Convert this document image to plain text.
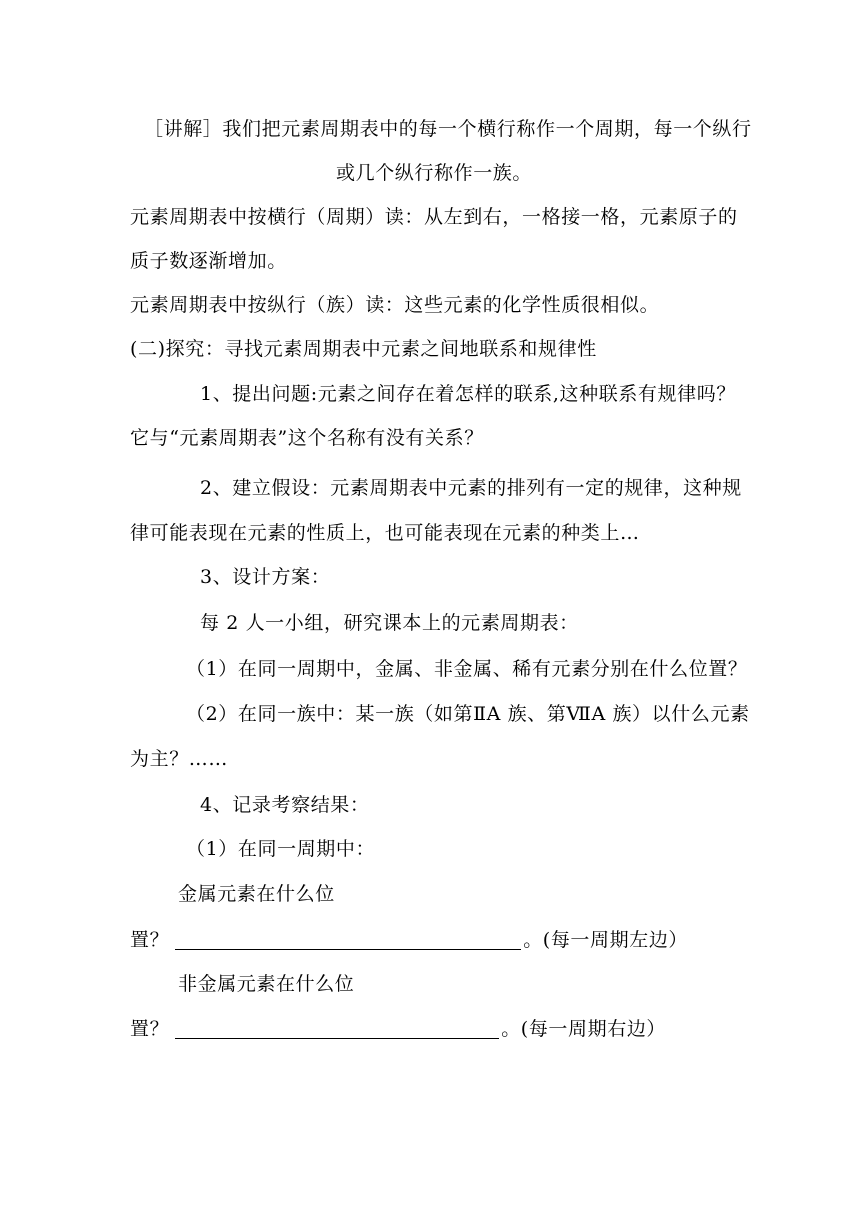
［讲解］我们把元素周期表中的每一个横行称作一个周期，每一个纵行
或几个纵行称作一族。
元素周期表中按横行（周期）读：从左到右，一格接一格，元素原子的
质子数逐渐增加。
元素周期表中按纵行（族）读：这些元素的化学性质很相似。
(二)探究：寻找元素周期表中元素之间地联系和规律性
1、提出问题:元素之间存在着怎样的联系,这种联系有规律吗？
它与“元素周期表”这个名称有没有关系？
2、建立假设：元素周期表中元素的排列有一定的规律，这种规
律可能表现在元素的性质上，也可能表现在元素的种类上…
3、设计方案：
每 2 人一小组，研究课本上的元素周期表：
（1）在同一周期中，金属、非金属、稀有元素分别在什么位置？
（2）在同一族中：某一族（如第ⅡA 族、第ⅦA 族）以什么元素
为主？……
4、记录考察结果：
（1）在同一周期中：
金属元素在什么位
置？	。(每一周期左边）
非金属元素在什么位
置？	。(每一周期右边）
